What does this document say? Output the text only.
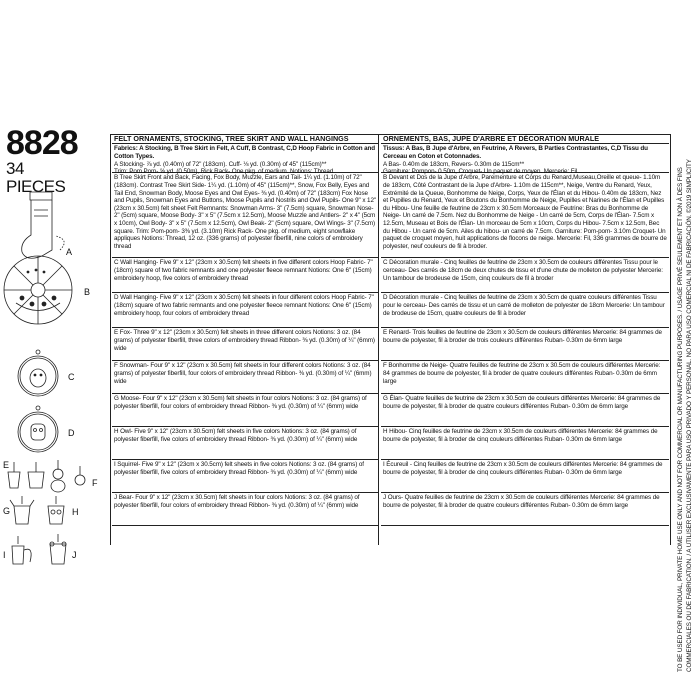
8828
34 PIECES
A
B
C
D
E
F
G	H
I	J
FELT ORNAMENTS, STOCKING, TREE SKIRT AND WALL HANGINGS

Fabrics: A Stocking, B Tree Skirt in Felt, A Cuff, B Contrast, C,D Hoop Fabric in Cotton and Cotton Types.

A Stocking- ⅞ yd. (0.40m) of 72" (183cm). Cuff- ⅛ yd. (0.30m) of 45" (115cm)**

Trim: Pom Pom- ⅝ yd. (0.50m), Rick Rack- One pkg. of medium. Notions: Thread

B Tree Skirt Front and Back, Facing, Fox Body, Muzzle, Ears and Tail- 1¼ yd. (1.10m) of 72" (183cm). Contrast Tree Skirt Side- 1¼ yd. (1.10m) of 45" (115cm)**, Snow, Fox Belly, Eyes and Tail End, Snowman Body, Moose Eyes and Owl Eyes- ⅜ yd. (0.40m) of 72" (183cm) Fox Nose and Pupils, Snowman Eyes and Buttons, Moose Pupils and Nostrils and Owl Pupils- One 9" x 12" (23cm x 30.5cm) felt sheet Felt Remnants: Snowman Arms- 3" (7.5cm) square, Snowman Nose- 2" (5cm) square, Moose Body- 3" x 5" (7.5cm x 12.5cm), Moose Muzzle and Antlers- 2" x 4" (5cm x 10cm), Owl Body- 3" x 5" (7.5cm x 12.5cm), Owl Beak- 2" (5cm) square, Owl Wings- 3" (7.5cm) square. Trim: Pom-pom- 3⅜ yd. (3.10m) Rick Rack- One pkg. of medium, eight snowflake appliques Notions: Thread, 12 oz. (336 grams) of polyester fiberfill, nine colors of embroidery thread

C Wall Hanging- Five 9" x 12" (23cm x 30.5cm) felt sheets in five different colors Hoop Fabric- 7" (18cm) square of two fabric remnants and one polyester fleece remnant Notions: One 6" (15cm) embroidery hoop, five colors of embroidery thread

D Wall Hanging- Five 9" x 12" (23cm x 30.5cm) felt sheets in four different colors Hoop Fabric- 7" (18cm) square of two fabric remnants and one polyester fleece remnant Notions: One 6" (15cm) embroidery hoop, four colors of embroidery thread

E Fox- Three 9" x 12" (23cm x 30.5cm) felt sheets in three different colors Notions: 3 oz. (84 grams) of polyester fiberfill, three colors of embroidery thread Ribbon- ⅜ yd. (0.30m) of ¼" (6mm) wide

F Snowman- Four 9" x 12" (23cm x 30.5cm) felt sheets in four different colors Notions: 3 oz. (84 grams) of polyester fiberfill, four colors of embroidery thread Ribbon- ⅜ yd. (0.30m) of ¼" (6mm) wide

G Moose- Four 9" x 12" (23cm x 30.5cm) felt sheets in four colors Notions: 3 oz. (84 grams) of polyester fiberfill, four colors of embroidery thread Ribbon- ⅜ yd. (0.30m) of ¼" (6mm) wide

H Owl- Five 9" x 12" (23cm x 30.5cm) felt sheets in five colors Notions: 3 oz. (84 grams) of polyester fiberfill, five colors of embroidery thread Ribbon- ⅜ yd. (0.30m) of ¼" (6mm) wide

I Squirrel- Five 9" x 12" (23cm x 30.5cm) felt sheets in five colors Notions: 3 oz. (84 grams) of polyester fiberfill, five colors of embroidery thread Ribbon- ⅜ yd. (0.30m) of ¼" (6mm) wide

J Bear- Four 9" x 12" (23cm x 30.5cm) felt sheets in four colors Notions: 3 oz. (84 grams) of polyester fiberfill, four colors of embroidery thread Ribbon- ⅜ yd. (0.30m) of ¼" (6mm) wide

ORNEMENTS, BAS, JUPE D'ARBRE ET DÉCORATION MURALE

Tissus: A Bas, B Jupe d'Arbre, en Feutrine, A Revers, B Parties Contrastantes, C,D Tissu du Cerceau en Coton et Cotonnades.

A Bas- 0.40m de 183cm, Revers- 0.30m de 115cm**

Garniture: Pompon- 0.50m, Croquet- Un paquet de moyen. Mercerie: Fil

B Devant et Dos de la Jupe d'Arbre, Parementure et Corps du Renard,Museau,Oreille et queue- 1.10m de 183cm, Côté Contrastant de la Jupe d'Arbre- 1.10m de 115cm**, Neige, Ventre du Renard, Yeux, Extrémité de la Queue, Bonhomme de Neige, Corps, Yeux de l'Élan et du Hibou- 0.40m de 183cm, Nez et Pupilles du Renard, Yeux et Boutons du Bonhomme de Neige, Pupilles et Narines de l'Élan et Pupilles du Hibou- Une feuille de feutrine de 23cm x 30.5cm Morceaux de Feutrine: Bras du Bonhomme de Neige- Un carré de 7.5cm. Nez du Bonhomme de Neige - Un carré de 5cm, Corps de l'Élan- 7.5cm x 12.5cm, Museau et Bois de l'Élan- Un morceau de 5cm x 10cm, Corps du Hibou- 7.5cm x 12.5cm, Bec du Hibou - Un carré de 5cm. Ailes du hibou- un carré de 7.5cm. Garniture: Pom-pom- 3.10m Croquet- Un paquet de croquet moyen, huit applications de flocons de neige. Mercerie: Fil, 336 grammes de bourre de polyester, neuf couleurs de fil à broder.

C Décoration murale - Cinq feuilles de feutrine de 23cm x 30.5cm de couleurs différentes Tissu pour le cerceau- Des carrés de 18cm de deux chutes de tissu et d'une chute de molleton de polyester Mercerie: Un tambour de brodeuse de 15cm, cinq couleurs de fil à broder

D Décoration murale - Cinq feuilles de feutrine de 23cm x 30.5cm de quatre couleurs différentes Tissu pour le cerceau- Des carrés de tissu et un carré de molleton de polyester de 18cm Mercerie: Un tambour de brodeuse de 15cm, quatre couleurs de fil à broder

E Renard- Trois feuilles de feutrine de 23cm x 30.5cm de couleurs différentes Mercerie: 84 grammes de bourre de polyester, fil à broder de trois couleurs différentes Ruban- 0.30m de 6mm large

F Bonhomme de Neige- Quatre feuilles de feutrine de 23cm x 30.5cm de couleurs différentes Mercerie: 84 grammes de bourre de polyester, fil à broder de quatre couleurs différentes Ruban- 0.30m de 6mm large

G Élan- Quatre feuilles de feutrine de 23cm x 30.5cm de couleurs différentes Mercerie: 84 grammes de bourre de polyester, fil à broder de quatre couleurs différentes Ruban- 0.30m de 6mm large

H Hibou- Cinq feuilles de feutrine de 23cm x 30.5cm de couleurs différentes Mercerie: 84 grammes de bourre de polyester, fil à broder de cinq couleurs différentes Ruban- 0.30m de 6mm large

I Écureuil - Cinq feuilles de feutrine de 23cm x 30.5cm de couleurs différentes Mercerie: 84 grammes de bourre de polyester, fil à broder de cinq couleurs différentes Ruban- 0.30m de 6mm large

J Ours- Quatre feuilles de feutrine de 23cm x 30.5cm de couleurs différentes Mercerie: 84 grammes de bourre de polyester, fil à broder de quatre couleurs différentes Ruban- 0.30m de 6mm large	TO BE USED FOR INDIVIDUAL, PRIVATE HOME USE ONLY AND NOT FOR COMMERCIAL OR MANUFACTURING PURPOSES. / USAGE PRIVÉ SEULEMENT ET NON À DES FINS COMMERCIALES OU DE FABRICATION. / A UTILISER EXCLUSIVAMENTE PARA USO PRIVADO Y PERSONAL. NO PARA USO COMERCIAL NI DE FABRICACIÓN. ©2019 SIMPLICITY
